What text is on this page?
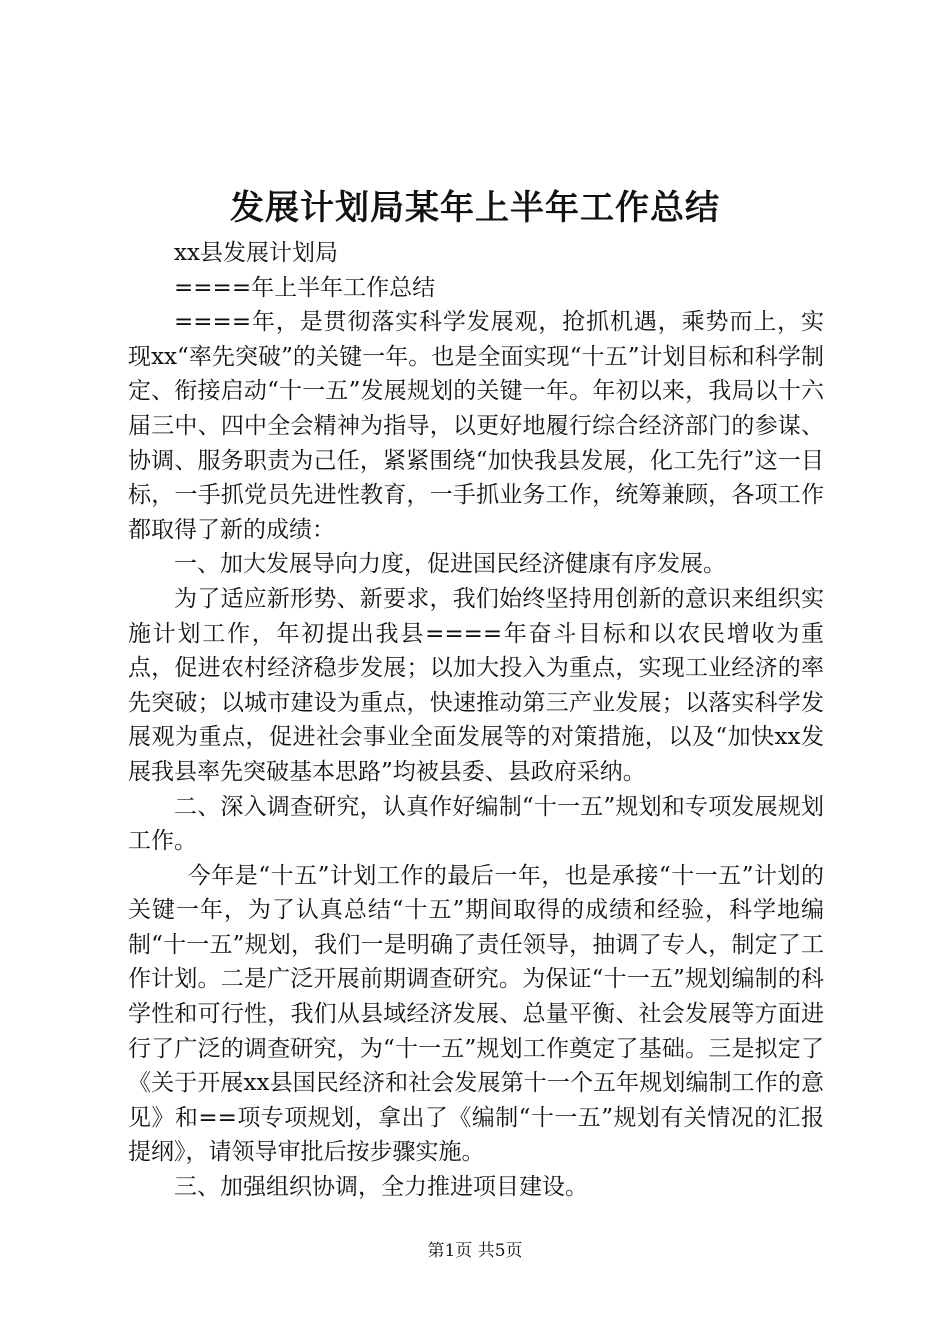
发展计划局某年上半年工作总结

xx县发展计划局

====年上半年工作总结

====年，是贯彻落实科学发展观，抢抓机遇，乘势而上，实现xx“率先突破”的关键一年。也是全面实现“十五”计划目标和科学制定、衔接启动“十一五”发展规划的关键一年。年初以来，我局以十六届三中、四中全会精神为指导，以更好地履行综合经济部门的参谋、协调、服务职责为己任，紧紧围绕“加快我县发展，化工先行”这一目标，一手抓党员先进性教育，一手抓业务工作，统筹兼顾，各项工作都取得了新的成绩：

一、加大发展导向力度，促进国民经济健康有序发展。

为了适应新形势、新要求，我们始终坚持用创新的意识来组织实施计划工作，年初提出我县====年奋斗目标和以农民增收为重点，促进农村经济稳步发展；以加大投入为重点，实现工业经济的率先突破；以城市建设为重点，快速推动第三产业发展；以落实科学发展观为重点，促进社会事业全面发展等的对策措施，以及“加快xx发展我县率先突破基本思路”均被县委、县政府采纳。

二、深入调查研究，认真作好编制“十一五”规划和专项发展规划工作。

今年是“十五”计划工作的最后一年，也是承接“十一五”计划的关键一年，为了认真总结“十五”期间取得的成绩和经验，科学地编制“十一五”规划，我们一是明确了责任领导，抽调了专人，制定了工作计划。二是广泛开展前期调查研究。为保证“十一五”规划编制的科学性和可行性，我们从县域经济发展、总量平衡、社会发展等方面进行了广泛的调查研究，为“十一五”规划工作奠定了基础。三是拟定了《关于开展xx县国民经济和社会发展第十一个五年规划编制工作的意见》和==项专项规划，拿出了《编制“十一五”规划有关情况的汇报提纲》，请领导审批后按步骤实施。

三、加强组织协调，全力推进项目建设。

第1页 共5页
